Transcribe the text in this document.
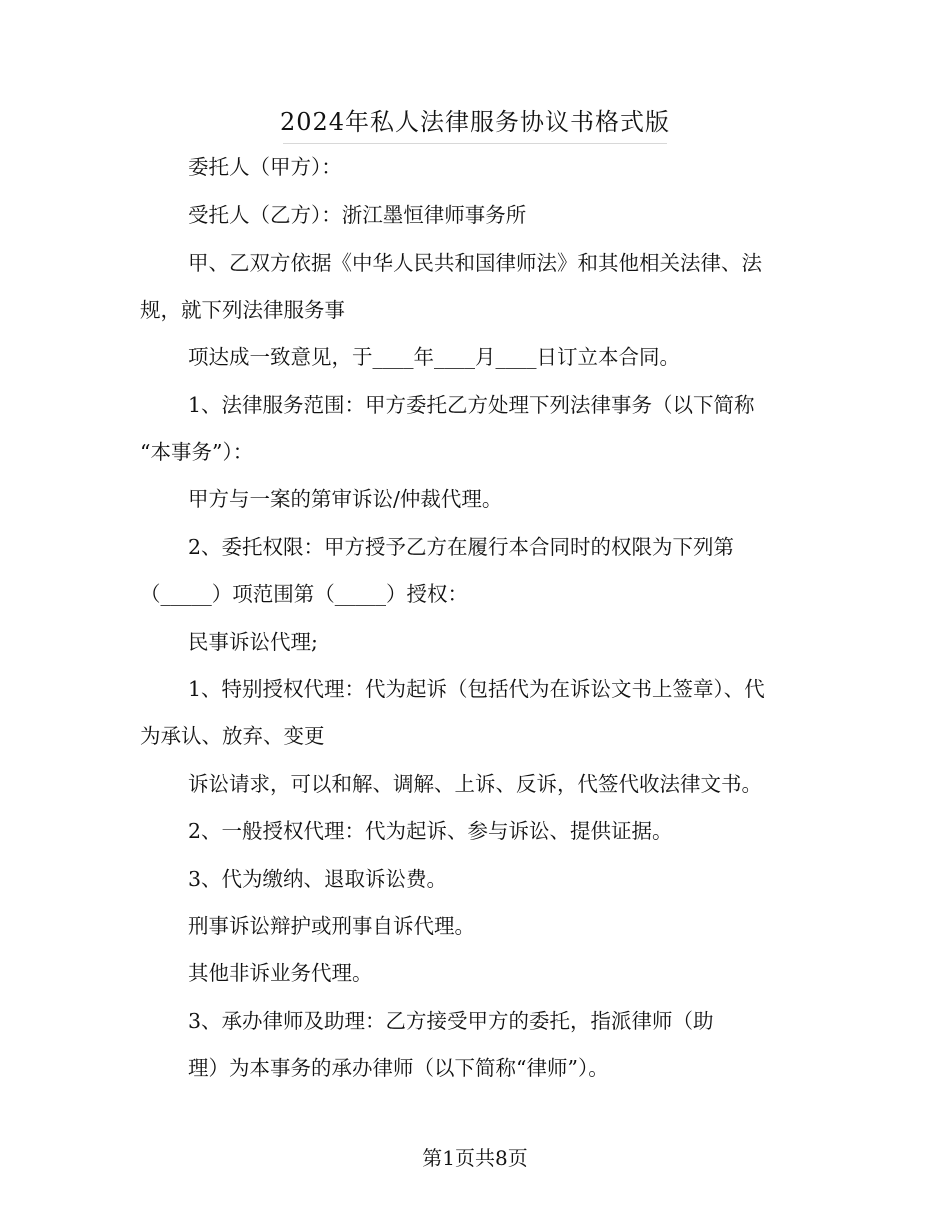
2024年私人法律服务协议书格式版
委托人（甲方）：
受托人（乙方）：浙江墨恒律师事务所
甲、乙双方依据《中华人民共和国律师法》和其他相关法律、法
规，就下列法律服务事
项达成一致意见，于____年____月____日订立本合同。
1、法律服务范围：甲方委托乙方处理下列法律事务（以下简称
“本事务”）：
甲方与一案的第审诉讼/仲裁代理。
2、委托权限：甲方授予乙方在履行本合同时的权限为下列第
（_____）项范围第（_____）授权：
民事诉讼代理;
1、特别授权代理：代为起诉（包括代为在诉讼文书上签章）、代
为承认、放弃、变更
诉讼请求，可以和解、调解、上诉、反诉，代签代收法律文书。
2、一般授权代理：代为起诉、参与诉讼、提供证据。
3、代为缴纳、退取诉讼费。
刑事诉讼辩护或刑事自诉代理。
其他非诉业务代理。
3、承办律师及助理：乙方接受甲方的委托，指派律师（助
理）为本事务的承办律师（以下简称“律师”）。
第1页共8页
